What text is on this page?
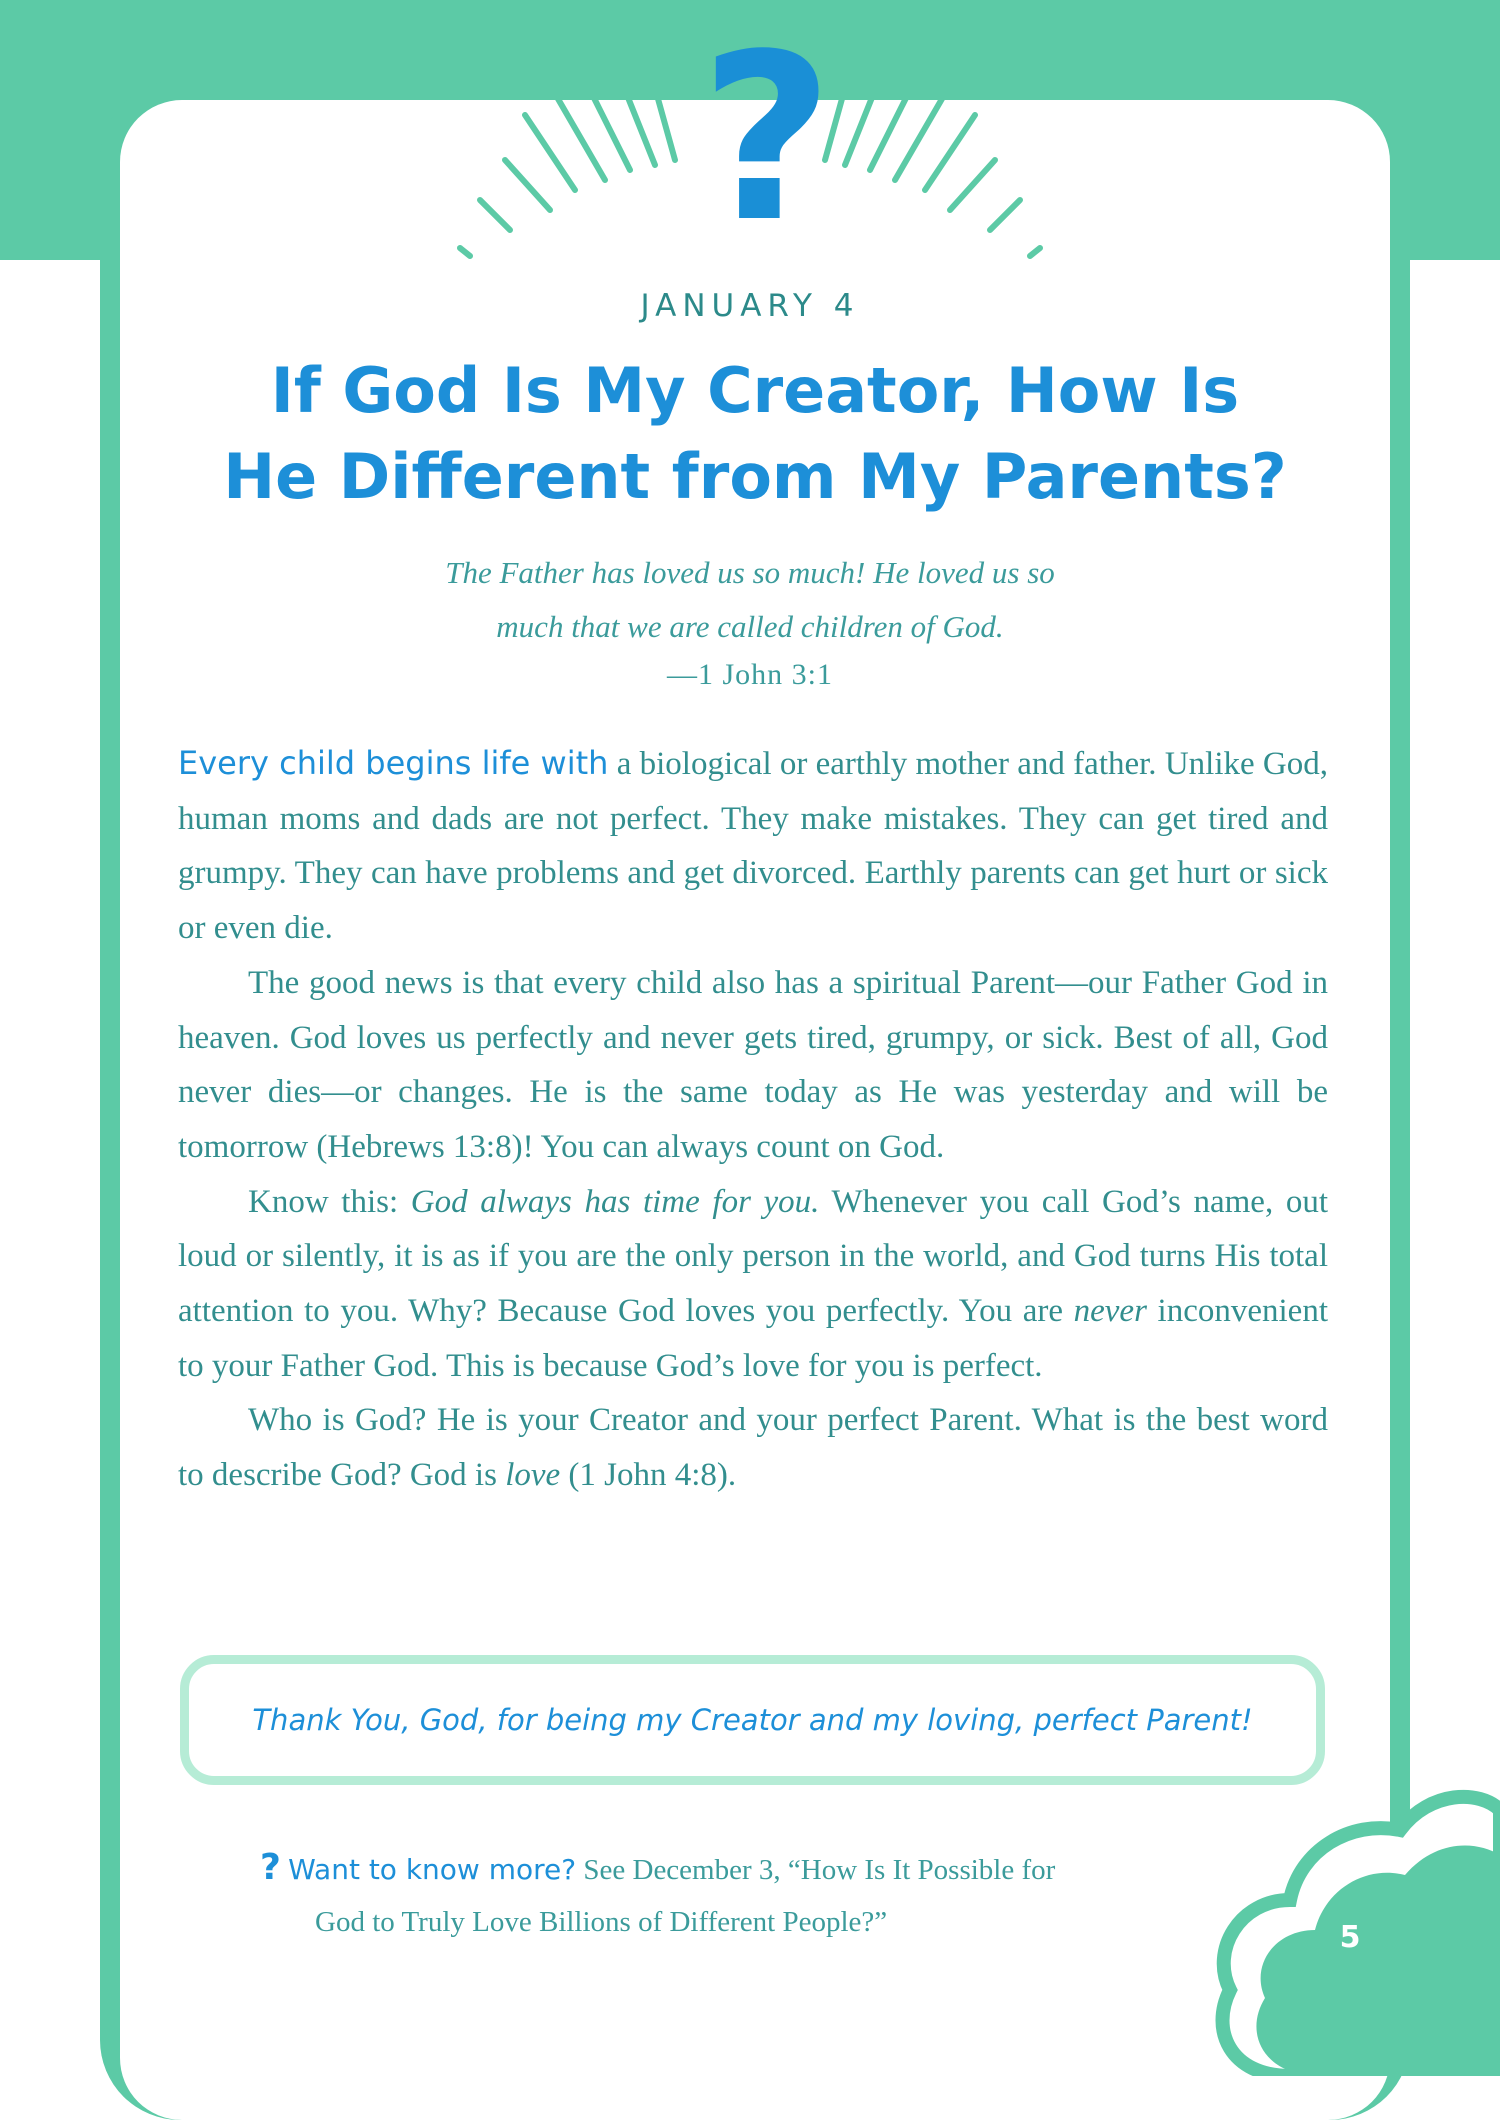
?
JANUARY 4
If God Is My Creator, How Is
He Different from My Parents?
The Father has loved us so much! He loved us so
much that we are called children of God.
—1 John 3:1

Every child begins life with a biological or earthly mother and father. Unlike God, human moms and dads are not perfect. They make mistakes. They can get tired and grumpy. They can have problems and get divorced. Earthly parents can get hurt or sick or even die.

The good news is that every child also has a spiritual Parent—our Father God in heaven. God loves us perfectly and never gets tired, grumpy, or sick. Best of all, God never dies—or changes. He is the same today as He was yesterday and will be tomorrow (Hebrews 13:8)! You can always count on God.

Know this: God always has time for you. Whenever you call God’s name, out loud or silently, it is as if you are the only person in the world, and God turns His total attention to you. Why? Because God loves you perfectly. You are never inconvenient to your Father God. This is because God’s love for you is perfect.

Who is God? He is your Creator and your perfect Parent. What is the best word to describe God? God is love (1 John 4:8).

Thank You, God, for being my Creator and my loving, perfect Parent!
? Want to know more? See December 3, “How Is It Possible for
God to Truly Love Billions of Different People?”	5
